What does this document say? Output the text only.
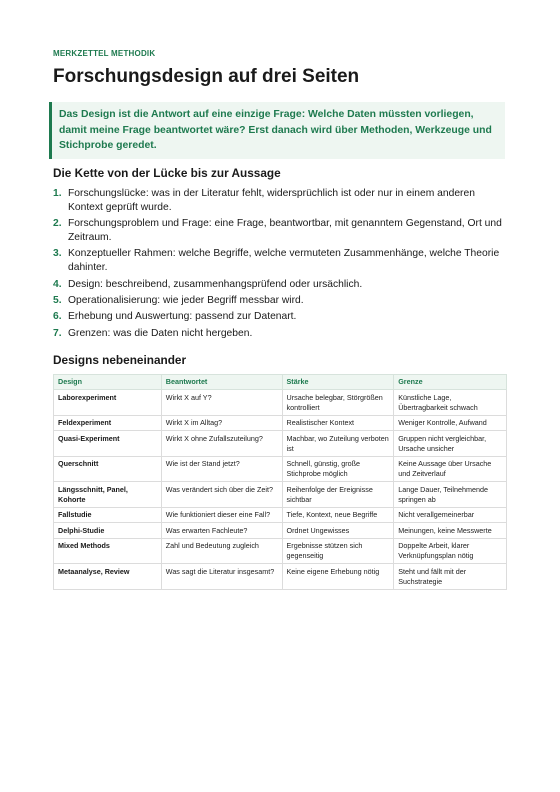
MERKZETTEL METHODIK
Forschungsdesign auf drei Seiten
Das Design ist die Antwort auf eine einzige Frage: Welche Daten müssten vorliegen, damit meine Frage beantwortet wäre? Erst danach wird über Methoden, Werkzeuge und Stichprobe geredet.
Die Kette von der Lücke bis zur Aussage
1. Forschungslücke: was in der Literatur fehlt, widersprüchlich ist oder nur in einem anderen Kontext geprüft wurde.
2. Forschungsproblem und Frage: eine Frage, beantwortbar, mit genanntem Gegenstand, Ort und Zeitraum.
3. Konzeptueller Rahmen: welche Begriffe, welche vermuteten Zusammenhänge, welche Theorie dahinter.
4. Design: beschreibend, zusammenhangsprüfend oder ursächlich.
5. Operationalisierung: wie jeder Begriff messbar wird.
6. Erhebung und Auswertung: passend zur Datenart.
7. Grenzen: was die Daten nicht hergeben.
Designs nebeneinander
Design	Beantwortet	Stärke	Grenze
Laborexperiment	Wirkt X auf Y?	Ursache belegbar, Störgrößen kontrolliert	Künstliche Lage, Übertragbarkeit schwach
Feldexperiment	Wirkt X im Alltag?	Realistischer Kontext	Weniger Kontrolle, Aufwand
Quasi-Experiment	Wirkt X ohne Zufallszuteilung?	Machbar, wo Zuteilung verboten ist	Gruppen nicht vergleichbar, Ursache unsicher
Querschnitt	Wie ist der Stand jetzt?	Schnell, günstig, große Stichprobe möglich	Keine Aussage über Ursache und Zeitverlauf
Längsschnitt, Panel, Kohorte	Was verändert sich über die Zeit?	Reihenfolge der Ereignisse sichtbar	Lange Dauer, Teilnehmende springen ab
Fallstudie	Wie funktioniert dieser eine Fall?	Tiefe, Kontext, neue Begriffe	Nicht verallgemeinerbar
Delphi-Studie	Was erwarten Fachleute?	Ordnet Ungewisses	Meinungen, keine Messwerte
Mixed Methods	Zahl und Bedeutung zugleich	Ergebnisse stützen sich gegenseitig	Doppelte Arbeit, klarer Verknüpfungsplan nötig
Metaanalyse, Review	Was sagt die Literatur insgesamt?	Keine eigene Erhebung nötig	Steht und fällt mit der Suchstrategie
